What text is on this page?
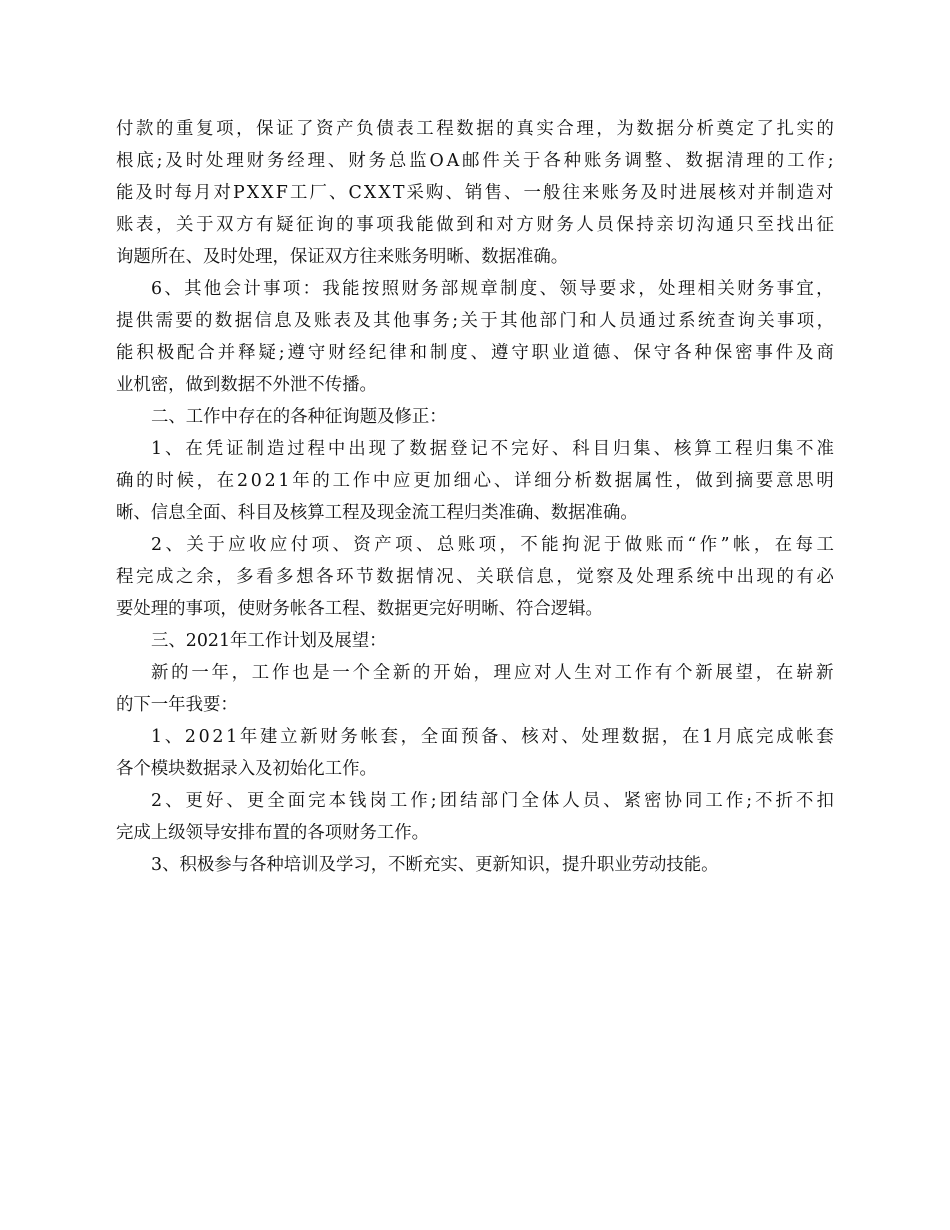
付 款 的 重 复 项 ， 保 证 了 资 产 负 债 表 工 程 数 据 的 真 实 合 理 ， 为 数 据 分 析 奠 定 了 扎 实 的

根 底 ; 及 时 处 理 财 务 经 理 、 财 务 总 监 O A 邮 件 关 于 各 种 账 务 调 整 、 数 据 清 理 的 工 作 ;

能 及 时 每 月 对 P X X F 工 厂 、 C X X T 采 购 、 销 售 、 一 般 往 来 账 务 及 时 进 展 核 对 并 制 造 对

账 表 ， 关 于 双 方 有 疑 征 询 的 事 项 我 能 做 到 和 对 方 财 务 人 员 保 持 亲 切 沟 通 只 至 找 出 征

询题所在、及时处理，保证双方往来账务明晰、数据准确。

6 、 其 他 会 计 事 项 ： 我 能 按 照 财 务 部 规 章 制 度 、 领 导 要 求 ， 处 理 相 关 财 务 事 宜 ，

提 供 需 要 的 数 据 信 息 及 账 表 及 其 他 事 务 ; 关 于 其 他 部 门 和 人 员 通 过 系 统 查 询 关 事 项 ，

能 积 极 配 合 并 释 疑 ; 遵 守 财 经 纪 律 和 制 度 、 遵 守 职 业 道 德 、 保 守 各 种 保 密 事 件 及 商

业机密，做到数据不外泄不传播。

二、工作中存在的各种征询题及修正：

1 、 在 凭 证 制 造 过 程 中 出 现 了 数 据 登 记 不 完 好 、 科 目 归 集 、 核 算 工 程 归 集 不 准

确 的 时 候 ， 在 2 0 2 1 年 的 工 作 中 应 更 加 细 心 、 详 细 分 析 数 据 属 性 ， 做 到 摘 要 意 思 明

晰、信息全面、科目及核算工程及现金流工程归类准确、数据准确。

2 、 关 于 应 收 应 付 项 、 资 产 项 、 总 账 项 ， 不 能 拘 泥 于 做 账 而 “ 作 ” 帐 ， 在 每 工

程 完 成 之 余 ， 多 看 多 想 各 环 节 数 据 情 况 、 关 联 信 息 ， 觉 察 及 处 理 系 统 中 出 现 的 有 必

要处理的事项，使财务帐各工程、数据更完好明晰、符合逻辑。

三、2021年工作计划及展望：

新 的 一 年 ， 工 作 也 是 一 个 全 新 的 开 始 ， 理 应 对 人 生 对 工 作 有 个 新 展 望 ， 在 崭 新

的下一年我要：

1 、 2 0 2 1 年 建 立 新 财 务 帐 套 ， 全 面 预 备 、 核 对 、 处 理 数 据 ， 在 1 月 底 完 成 帐 套

各个模块数据录入及初始化工作。

2 、 更 好 、 更 全 面 完 本 钱 岗 工 作 ; 团 结 部 门 全 体 人 员 、 紧 密 协 同 工 作 ; 不 折 不 扣

完成上级领导安排布置的各项财务工作。

3、积极参与各种培训及学习，不断充实、更新知识，提升职业劳动技能。
